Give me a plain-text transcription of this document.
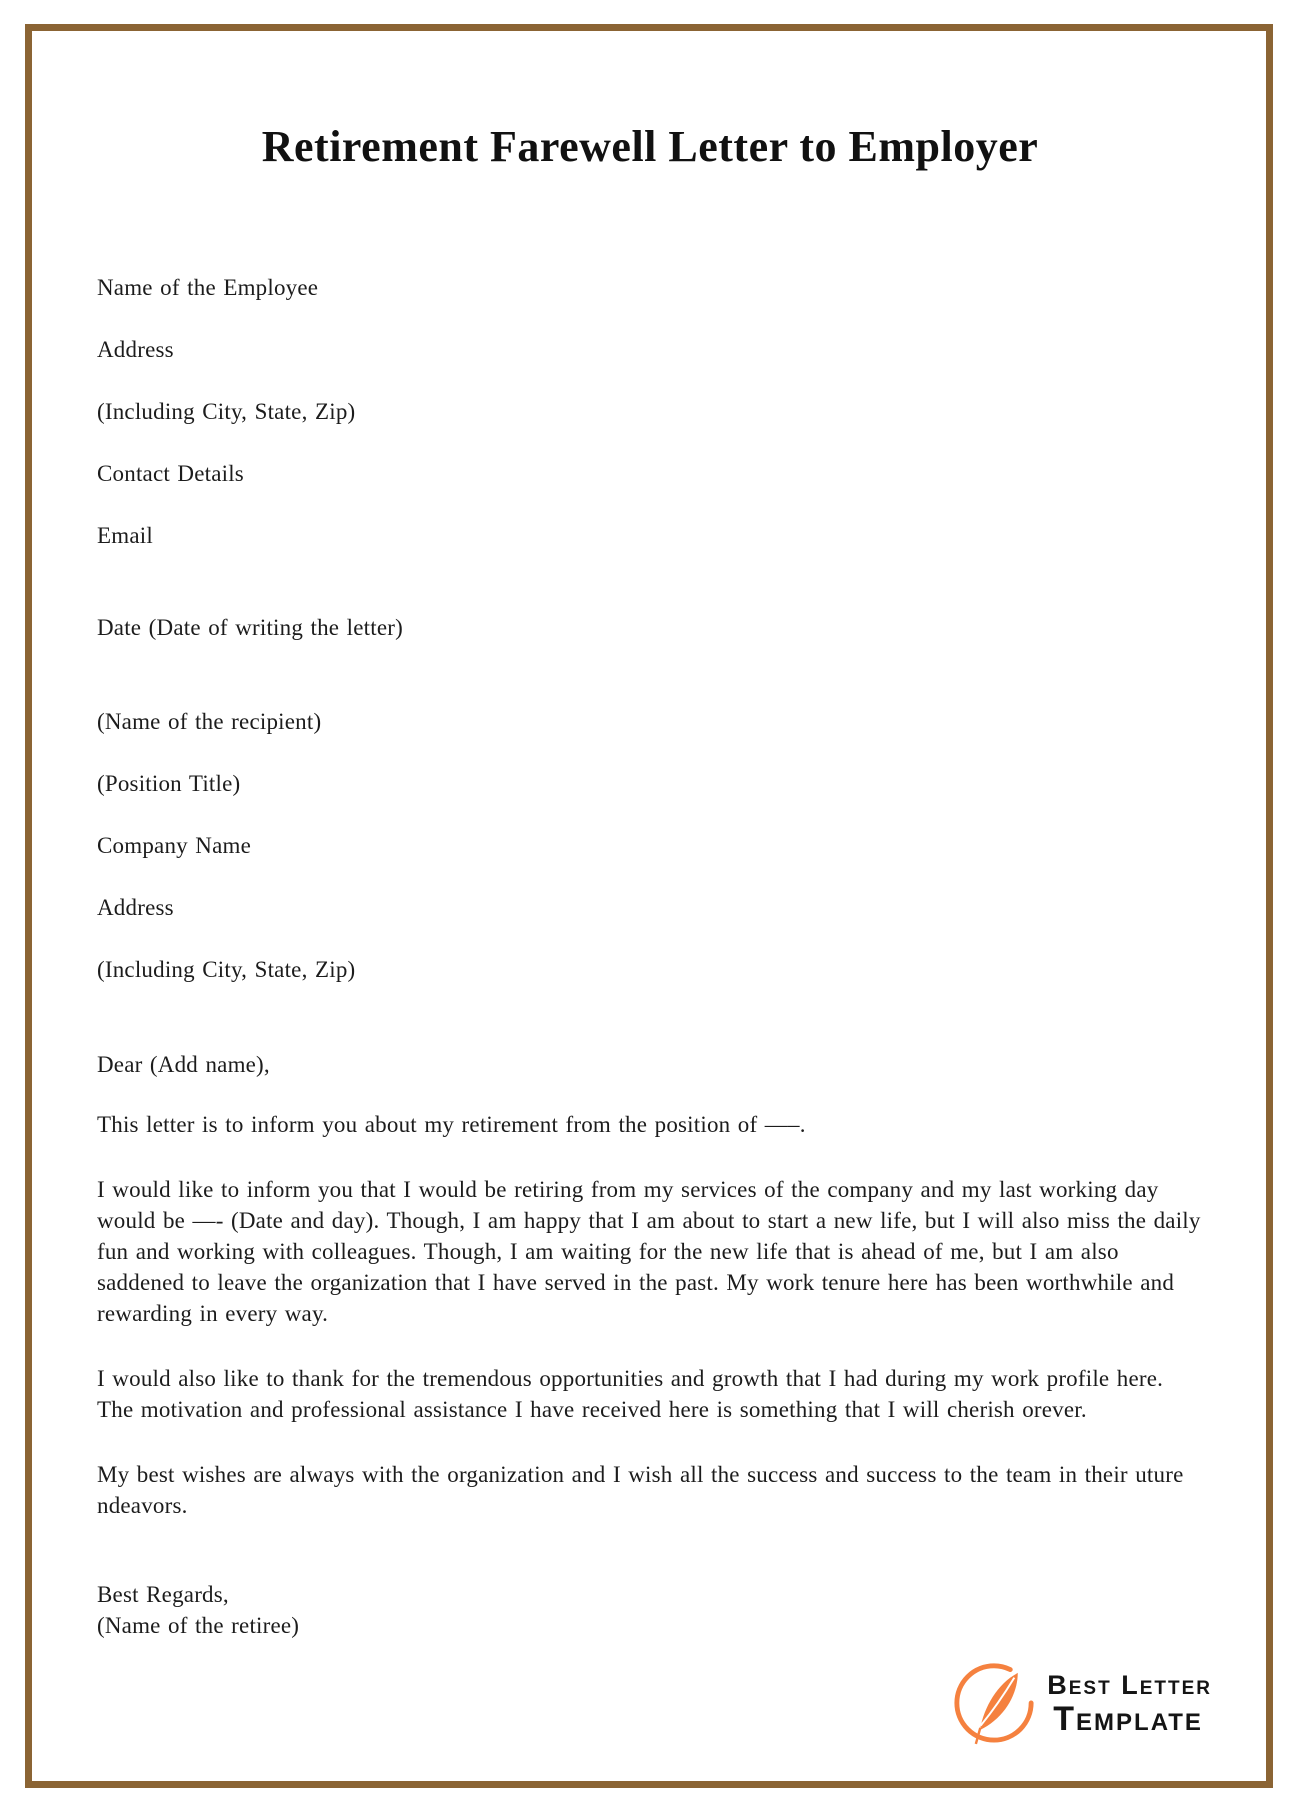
Retirement Farewell Letter to Employer

Name of the Employee

Address

(Including City, State, Zip)

Contact Details

Email

Date (Date of writing the letter)

(Name of the recipient)

(Position Title)

Company Name

Address

(Including City, State, Zip)

Dear (Add name),

This letter is to inform you about my retirement from the position of —–.

I would like to inform you that I would be retiring from my services of the company and my last working day would be —- (Date and day). Though, I am happy that I am about to start a new life, but I will also miss the daily fun and working with colleagues. Though, I am waiting for the new life that is ahead of me, but I am also saddened to leave the organization that I have served in the past. My work tenure here has been worthwhile and rewarding in every way.

I would also like to thank for the tremendous opportunities and growth that I had during my work profile here. The motivation and professional assistance I have received here is something that I will cherish orever.

My best wishes are always with the organization and I wish all the success and success to the team in their uture ndeavors.

Best Regards,

(Name of the retiree)

Best Letter
Template
